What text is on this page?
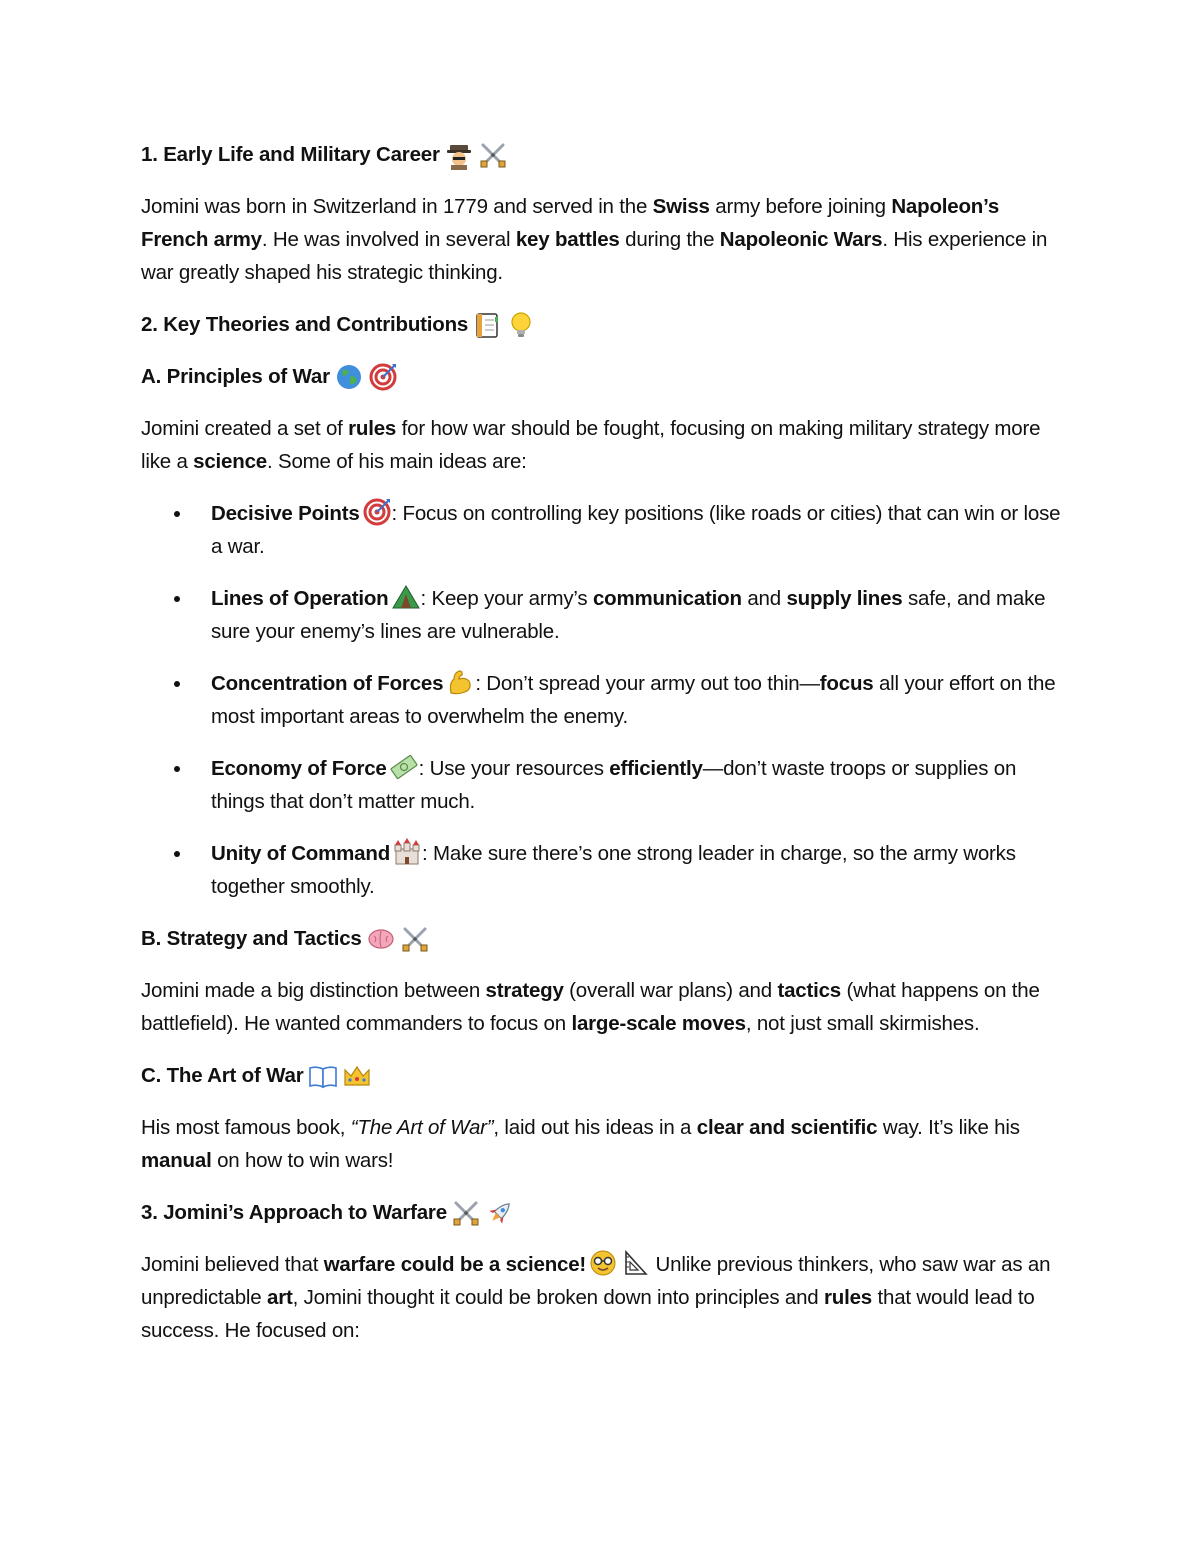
1. Early Life and Military Career
Jomini was born in Switzerland in 1779 and served in the Swiss army before joining Napoleon’s French army. He was involved in several key battles during the Napoleonic Wars. His experience in war greatly shaped his strategic thinking.
2. Key Theories and Contributions
A. Principles of War
Jomini created a set of rules for how war should be fought, focusing on making military strategy more like a science. Some of his main ideas are:
Decisive Points : Focus on controlling key positions (like roads or cities) that can win or lose a war.
Lines of Operation : Keep your army’s communication and supply lines safe, and make sure your enemy’s lines are vulnerable.
Concentration of Forces : Don’t spread your army out too thin—focus all your effort on the most important areas to overwhelm the enemy.
Economy of Force : Use your resources efficiently—don’t waste troops or supplies on things that don’t matter much.
Unity of Command : Make sure there’s one strong leader in charge, so the army works together smoothly.
B. Strategy and Tactics
Jomini made a big distinction between strategy (overall war plans) and tactics (what happens on the battlefield). He wanted commanders to focus on large-scale moves, not just small skirmishes.
C. The Art of War
His most famous book, “The Art of War”, laid out his ideas in a clear and scientific way. It’s like his manual on how to win wars!
3. Jomini’s Approach to Warfare
Jomini believed that warfare could be a science!	Unlike previous thinkers, who saw war as an unpredictable art, Jomini thought it could be broken down into principles and rules that would lead to success. He focused on:
